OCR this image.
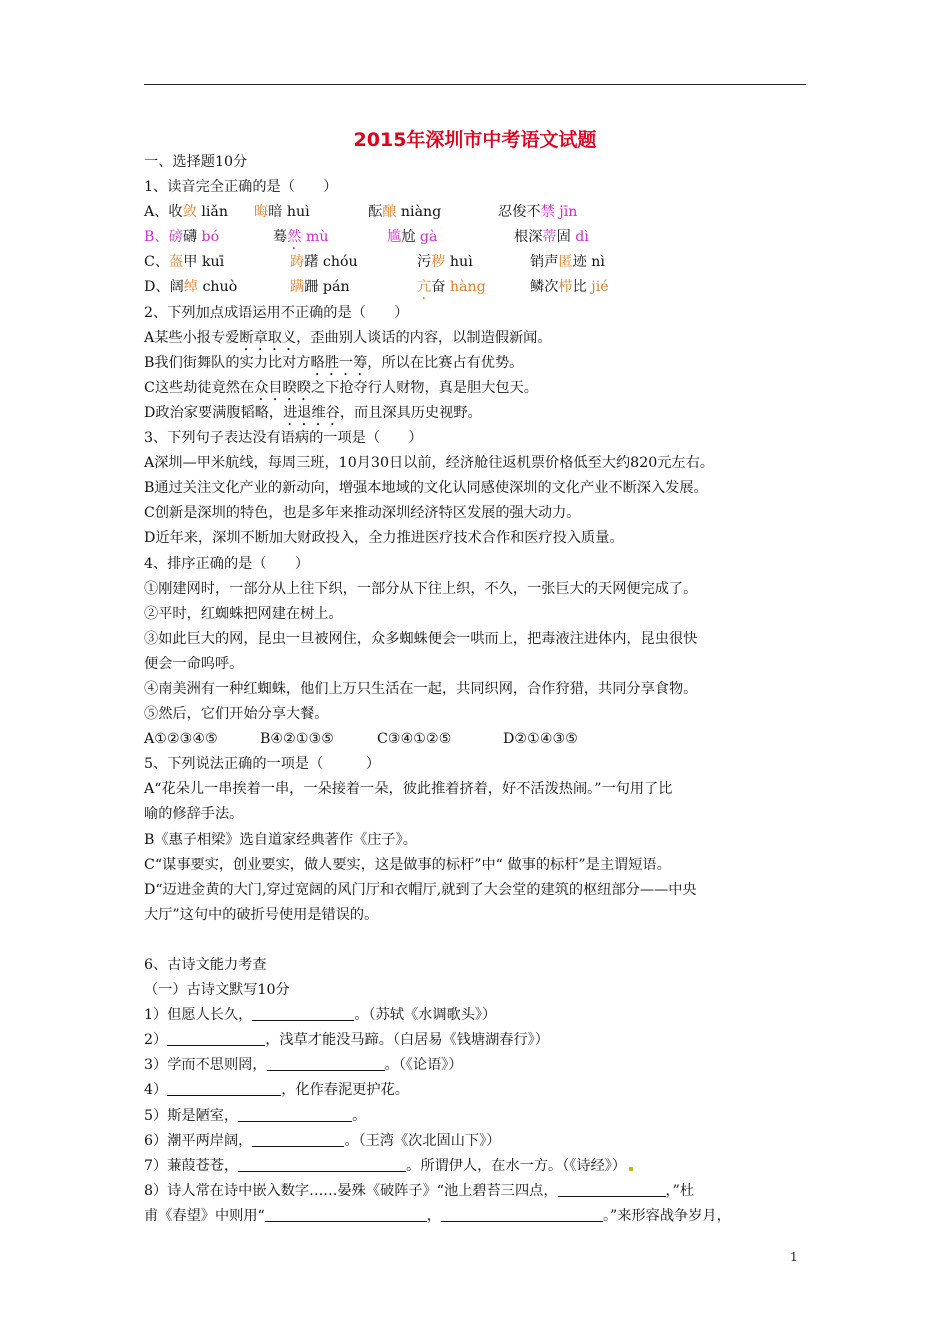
2015年深圳市中考语文试题
一、选择题10分
1、读音完全正确的是（　　）
A、收敛 liǎn 晦暗 huì	酝酿 niàng	忍俊不禁 jīn
B、磅礴 bó	蓦然 mù	尴尬 gà	根深蒂固 dì
C、盔甲 kuī	踌躇 chóu	污秽 huì	销声匿迹 nì
D、阔绰 chuò	蹒跚 pán	亢奋 hàng	鳞次栉比 jié
2、下列加点成语运用不正确的是（　　）
A某些小报专爱断章取义，歪曲别人谈话的内容，以制造假新闻。
B我们街舞队的实力比对方略胜一筹，所以在比赛占有优势。
C这些劫徒竟然在众目睽睽之下抢夺行人财物，真是胆大包天。
D政治家要满腹韬略，进退维谷，而且深具历史视野。
3、下列句子表达没有语病的一项是（　　）
A深圳—甲米航线，每周三班，10月30日以前，经济舱往返机票价格低至大约820元左右。
B通过关注文化产业的新动向，增强本地域的文化认同感使深圳的文化产业不断深入发展。
C创新是深圳的特色，也是多年来推动深圳经济特区发展的强大动力。
D近年来，深圳不断加大财政投入，全力推进医疗技术合作和医疗投入质量。
4、排序正确的是（　　）
①刚建网时，一部分从上往下织，一部分从下往上织，不久，一张巨大的天网便完成了。
②平时，红蜘蛛把网建在树上。
③如此巨大的网，昆虫一旦被网住，众多蜘蛛便会一哄而上，把毒液注进体内，昆虫很快
便会一命呜呼。
④南美洲有一种红蜘蛛，他们上万只生活在一起，共同织网，合作狩猎，共同分享食物。
⑤然后，它们开始分享大餐。
A①②③④⑤	B④②①③⑤	C③④①②⑤	D②①④③⑤
5、下列说法正确的一项是（　　　）
A“花朵儿一串挨着一串，一朵接着一朵，彼此推着挤着，好不活泼热闹。”一句用了比
喻的修辞手法。
B《惠子相梁》选自道家经典著作《庄子》。
C“谋事要实，创业要实，做人要实，这是做事的标杆”中“ 做事的标杆”是主谓短语。
D“迈进金黄的大门,穿过宽阔的风门厅和衣帽厅,就到了大会堂的建筑的枢纽部分——中央
大厅”这句中的破折号使用是错误的。
6、古诗文能力考查
（一）古诗文默写10分
1）但愿人长久，	。（苏轼《水调歌头》）
2）	，浅草才能没马蹄。（白居易《钱塘湖春行》）
3）学而不思则罔，	。（《论语》）
4）	，化作春泥更护花。
5）斯是陋室，	。
6）潮平两岸阔，	。（王湾《次北固山下》）
7）蒹葭苍苍，	。所谓伊人，在水一方。（《诗经》）
8）诗人常在诗中嵌入数字……晏殊《破阵子》“池上碧苔三四点，	，”杜
甫《春望》中则用“	，	。”来形容战争岁月，
1
